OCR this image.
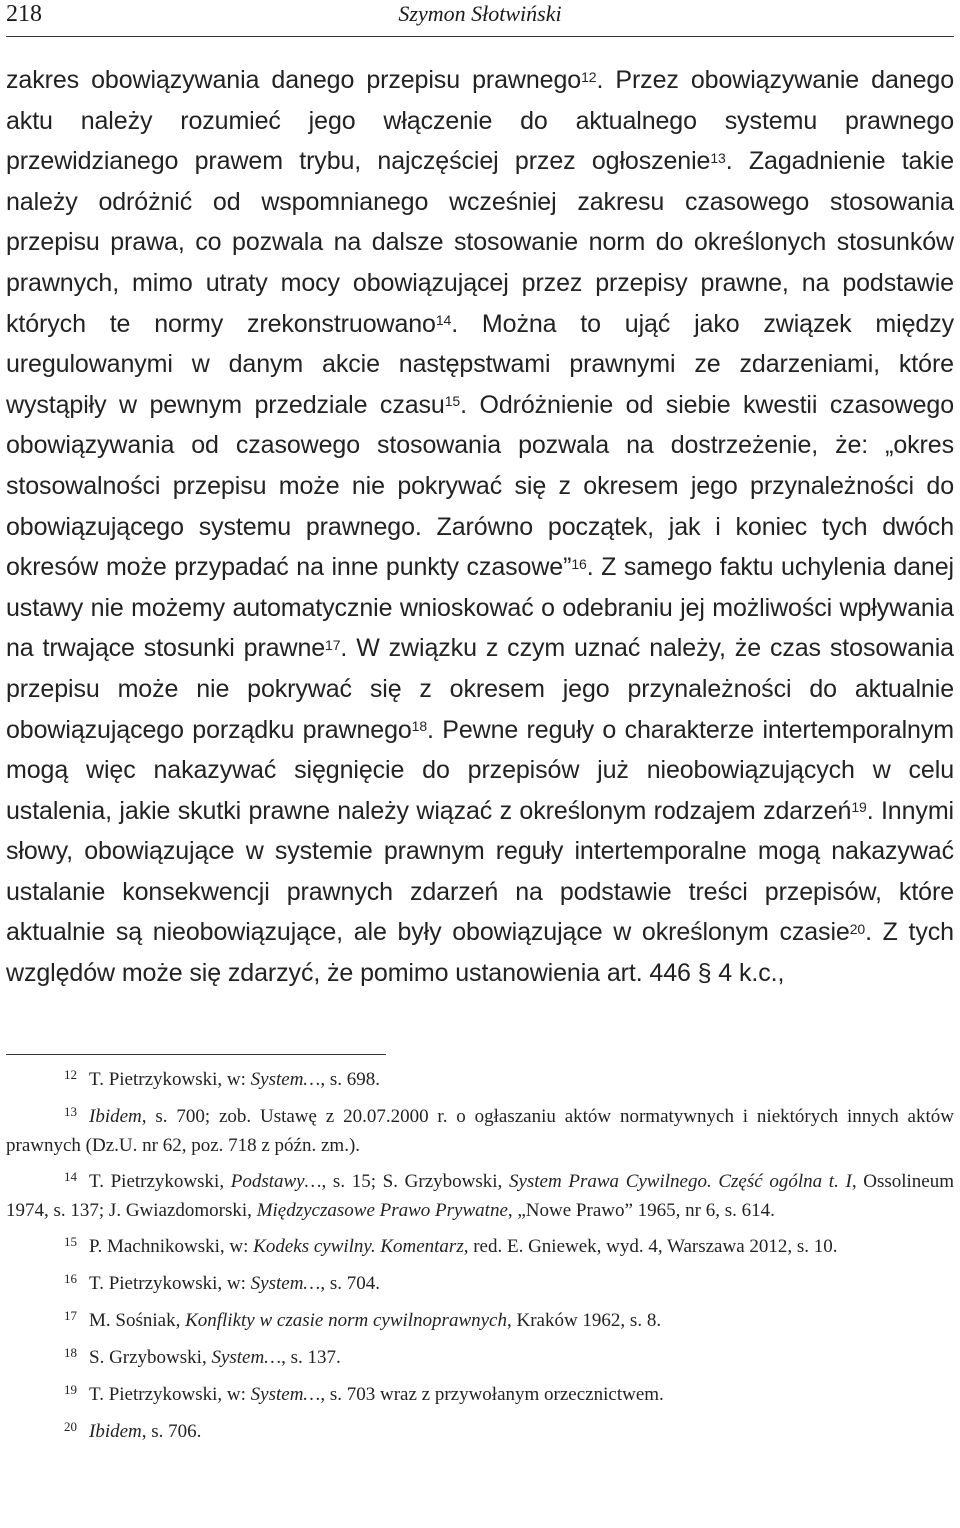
218	Szymon Słotwiński

zakres obowiązywania danego przepisu prawnego$^{12}$. Przez obowiązywanie danego aktu należy rozumieć jego włączenie do aktualnego systemu prawnego przewidzianego prawem trybu, najczęściej przez ogłoszenie$^{13}$. Zagadnienie takie należy odróżnić od wspomnianego wcześniej zakresu czasowego stosowania przepisu prawa, co pozwala na dalsze stosowanie norm do określonych stosunków prawnych, mimo utraty mocy obowiązującej przez przepisy prawne, na podstawie których te normy zrekonstruowano$^{14}$. Można to ująć jako związek między uregulowanymi w danym akcie następstwami prawnymi ze zdarzeniami, które wystąpiły w pewnym przedziale czasu$^{15}$. Odróżnienie od siebie kwestii czasowego obowiązywania od czasowego stosowania pozwala na dostrzeżenie, że: „okres stosowalności przepisu może nie pokrywać się z okresem jego przynależności do obowiązującego systemu prawnego. Zarówno początek, jak i koniec tych dwóch okresów może przypadać na inne punkty czasowe”$^{16}$. Z samego faktu uchylenia danej ustawy nie możemy automatycznie wnioskować o odebraniu jej możliwości wpływania na trwające stosunki prawne$^{17}$. W związku z czym uznać należy, że czas stosowania przepisu może nie pokrywać się z okresem jego przynależności do aktualnie obowiązującego porządku prawnego$^{18}$. Pewne reguły o charakterze intertemporalnym mogą więc nakazywać sięgnięcie do przepisów już nieobowiązujących w celu ustalenia, jakie skutki prawne należy wiązać z określonym rodzajem zdarzeń$^{19}$. Innymi słowy, obowiązujące w systemie prawnym reguły intertemporalne mogą nakazywać ustalanie konsekwencji prawnych zdarzeń na podstawie treści przepisów, które aktualnie są nieobowiązujące, ale były obowiązujące w określonym czasie$^{20}$. Z tych względów może się zdarzyć, że pomimo ustanowienia art. 446 § 4 k.c.,

$^{12}$ T. Pietrzykowski, w: System…, s. 698.

$^{13}$ Ibidem, s. 700; zob. Ustawę z 20.07.2000 r. o ogłaszaniu aktów normatywnych i niektórych innych aktów prawnych (Dz.U. nr 62, poz. 718 z późn. zm.).

$^{14}$ T. Pietrzykowski, Podstawy…, s. 15; S. Grzybowski, System Prawa Cywilnego. Część ogólna t. I, Ossolineum 1974, s. 137; J. Gwiazdomorski, Międzyczasowe Prawo Prywatne, „Nowe Prawo” 1965, nr 6, s. 614.

$^{15}$ P. Machnikowski, w: Kodeks cywilny. Komentarz, red. E. Gniewek, wyd. 4, Warszawa 2012, s. 10.

$^{16}$ T. Pietrzykowski, w: System…, s. 704.

$^{17}$ M. Sośniak, Konflikty w czasie norm cywilnoprawnych, Kraków 1962, s. 8.

$^{18}$ S. Grzybowski, System…, s. 137.

$^{19}$ T. Pietrzykowski, w: System…, s. 703 wraz z przywołanym orzecznictwem.

$^{20}$ Ibidem, s. 706.
